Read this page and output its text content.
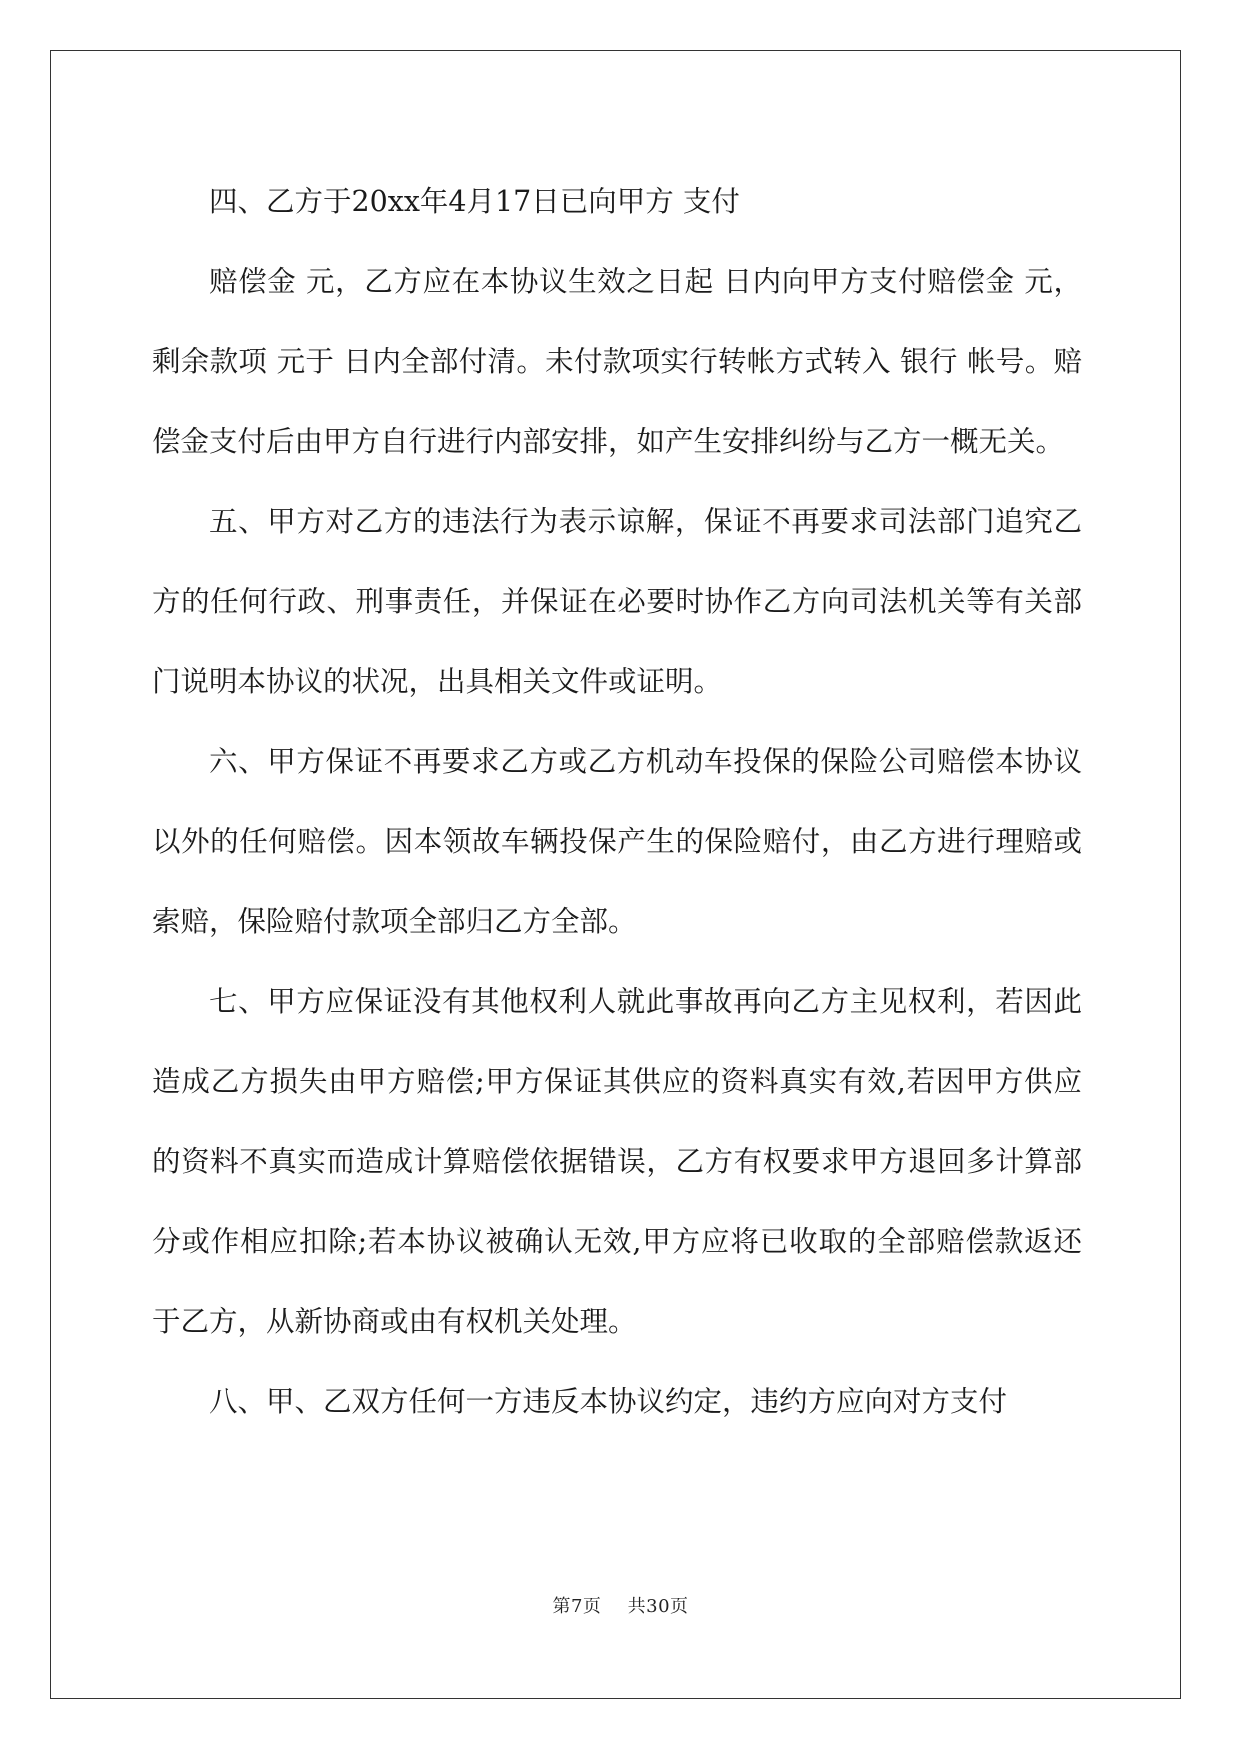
四、乙方于20xx年4月17日已向甲方 支付

赔偿金 元，乙方应在本协议生效之日起 日内向甲方支付赔偿金 元，剩余款项 元于 日内全部付清。未付款项实行转帐方式转入 银行 帐号。赔偿金支付后由甲方自行进行内部安排，如产生安排纠纷与乙方一概无关。

五、甲方对乙方的违法行为表示谅解，保证不再要求司法部门追究乙方的任何行政、刑事责任，并保证在必要时协作乙方向司法机关等有关部门说明本协议的状况，出具相关文件或证明。

六、甲方保证不再要求乙方或乙方机动车投保的保险公司赔偿本协议以外的任何赔偿。因本领故车辆投保产生的保险赔付，由乙方进行理赔或索赔，保险赔付款项全部归乙方全部。

七、甲方应保证没有其他权利人就此事故再向乙方主见权利，若因此造成乙方损失由甲方赔偿;甲方保证其供应的资料真实有效,若因甲方供应的资料不真实而造成计算赔偿依据错误，乙方有权要求甲方退回多计算部分或作相应扣除;若本协议被确认无效,甲方应将已收取的全部赔偿款返还于乙方，从新协商或由有权机关处理。

八、甲、乙双方任何一方违反本协议约定，违约方应向对方支付

第7页 共30页
